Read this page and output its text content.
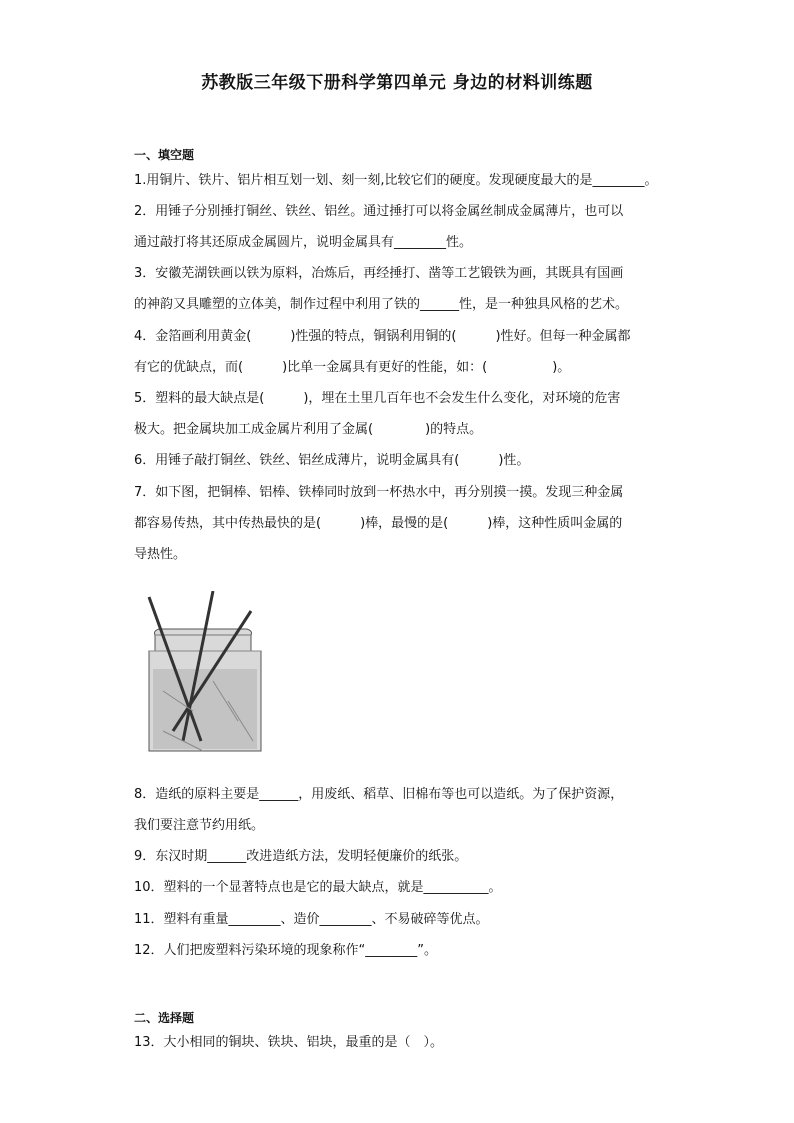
苏教版三年级下册科学第四单元 身边的材料训练题
一、填空题
1.用铜片、铁片、铝片相互划一划、刻一刻,比较它们的硬度。发现硬度最大的是________。
2．用锤子分别捶打铜丝、铁丝、铝丝。通过捶打可以将金属丝制成金属薄片，也可以
通过敲打将其还原成金属圆片，说明金属具有________性。
3．安徽芜湖铁画以铁为原料，冶炼后，再经捶打、凿等工艺锻铁为画，其既具有国画
的神韵又具雕塑的立体美，制作过程中利用了铁的______性，是一种独具风格的艺术。
4．金箔画利用黄金(　　　)性强的特点，铜锅利用铜的(　　　)性好。但每一种金属都
有它的优缺点，而(　　　)比单一金属具有更好的性能，如：(　　　　　)。
5．塑料的最大缺点是(　　　)，埋在土里几百年也不会发生什么变化，对环境的危害
极大。把金属块加工成金属片利用了金属(　　　　)的特点。
6．用锤子敲打铜丝、铁丝、铝丝成薄片，说明金属具有(　　　)性。
7．如下图，把铜棒、铝棒、铁棒同时放到一杯热水中，再分别摸一摸。发现三种金属
都容易传热，其中传热最快的是(　　　)棒，最慢的是(　　　)棒，这种性质叫金属的
导热性。
8．造纸的原料主要是______，用废纸、稻草、旧棉布等也可以造纸。为了保护资源，
我们要注意节约用纸。
9．东汉时期______改进造纸方法，发明轻便廉价的纸张。
10．塑料的一个显著特点也是它的最大缺点，就是__________。
11．塑料有重量________、造价________、不易破碎等优点。
12．人们把废塑料污染环境的现象称作“________”。
二、选择题
13．大小相同的铜块、铁块、铝块，最重的是（　）。
